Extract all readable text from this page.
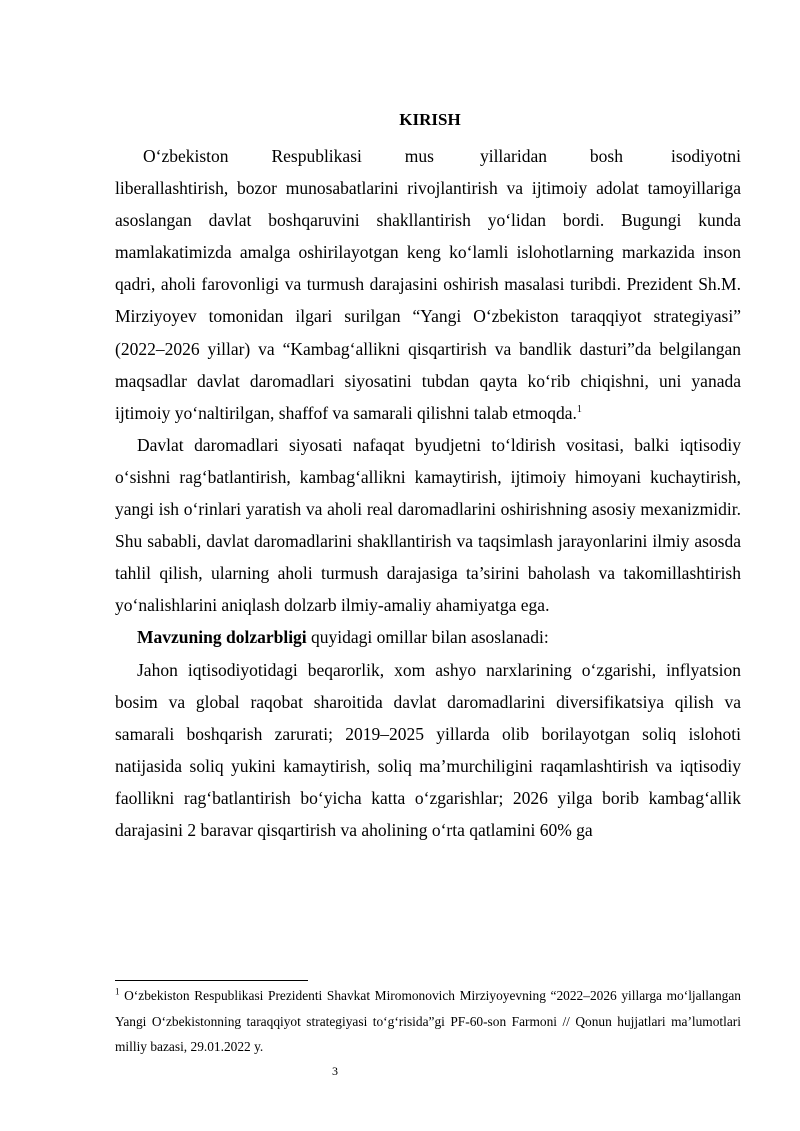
KIRISH

O‘zbekiston Respublikasi mus	yillaridan bosh	isodiyotni liberallashtirish, bozor munosabatlarini rivojlantirish va ijtimoiy adolat tamoyillariga asoslangan davlat boshqaruvini shakllantirish yo‘lidan bordi. Bugungi kunda mamlakatimizda amalga oshirilayotgan keng ko‘lamli islohotlarning markazida inson qadri, aholi farovonligi va turmush darajasini oshirish masalasi turibdi. Prezident Sh.M. Mirziyoyev tomonidan ilgari surilgan “Yangi O‘zbekiston taraqqiyot strategiyasi” (2022–2026 yillar) va “Kambag‘allikni qisqartirish va bandlik dasturi”da belgilangan maqsadlar davlat daromadlari siyosatini tubdan qayta ko‘rib chiqishni, uni yanada ijtimoiy yo‘naltirilgan, shaffof va samarali qilishni talab etmoqda.$^1$

Davlat daromadlari siyosati nafaqat byudjetni to‘ldirish vositasi, balki iqtisodiy o‘sishni rag‘batlantirish, kambag‘allikni kamaytirish, ijtimoiy himoyani kuchaytirish, yangi ish o‘rinlari yaratish va aholi real daromadlarini oshirishning asosiy mexanizmidir. Shu sababli, davlat daromadlarini shakllantirish va taqsimlash jarayonlarini ilmiy asosda tahlil qilish, ularning aholi turmush darajasiga ta’sirini baholash va takomillashtirish yo‘nalishlarini aniqlash dolzarb ilmiy-amaliy ahamiyatga ega.

Mavzuning dolzarbligi quyidagi omillar bilan asoslanadi:

Jahon iqtisodiyotidagi beqarorlik, xom ashyo narxlarining o‘zgarishi, inflyatsion bosim va global raqobat sharoitida davlat daromadlarini diversifikatsiya qilish va samarali boshqarish zarurati; 2019–2025 yillarda olib borilayotgan soliq islohoti natijasida soliq yukini kamaytirish, soliq ma’murchiligini raqamlashtirish va iqtisodiy faollikni rag‘batlantirish bo‘yicha katta o‘zgarishlar; 2026 yilga borib kambag‘allik darajasini 2 baravar qisqartirish va aholining o‘rta qatlamini 60% ga

$^1$ O‘zbekiston Respublikasi Prezidenti Shavkat Miromonovich Mirziyoyevning “2022–2026 yillarga mo‘ljallangan Yangi O‘zbekistonning taraqqiyot strategiyasi to‘g‘risida”gi PF-60-son Farmoni // Qonun hujjatlari ma’lumotlari milliy bazasi, 29.01.2022 y.
3
